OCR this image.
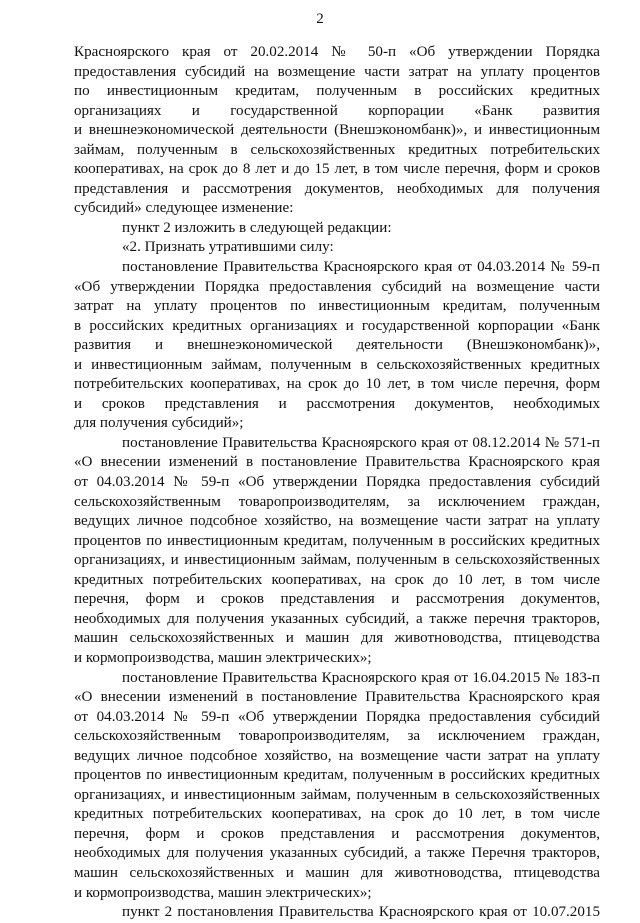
2
Красноярского края от 20.02.2014 № 50-п «Об утверждении Порядка
предоставления субсидий на возмещение части затрат на уплату процентов
по инвестиционным кредитам, полученным в российских кредитных
организациях и государственной корпорации «Банк развития
и внешнеэкономической деятельности (Внешэкономбанк)», и инвестиционным
займам, полученным в сельскохозяйственных кредитных потребительских
кооперативах, на срок до 8 лет и до 15 лет, в том числе перечня, форм и сроков
представления и рассмотрения документов, необходимых для получения
субсидий» следующее изменение:
пункт 2 изложить в следующей редакции:
«2. Признать утратившими силу:
постановление Правительства Красноярского края от 04.03.2014 № 59-п
«Об утверждении Порядка предоставления субсидий на возмещение части
затрат на уплату процентов по инвестиционным кредитам, полученным
в российских кредитных организациях и государственной корпорации «Банк
развития и внешнеэкономической деятельности (Внешэкономбанк)»,
и инвестиционным займам, полученным в сельскохозяйственных кредитных
потребительских кооперативах, на срок до 10 лет, в том числе перечня, форм
и сроков представления и рассмотрения документов, необходимых
для получения субсидий»;
постановление Правительства Красноярского края от 08.12.2014 № 571-п
«О внесении изменений в постановление Правительства Красноярского края
от 04.03.2014 № 59-п «Об утверждении Порядка предоставления субсидий
сельскохозяйственным товаропроизводителям, за исключением граждан,
ведущих личное подсобное хозяйство, на возмещение части затрат на уплату
процентов по инвестиционным кредитам, полученным в российских кредитных
организациях, и инвестиционным займам, полученным в сельскохозяйственных
кредитных потребительских кооперативах, на срок до 10 лет, в том числе
перечня, форм и сроков представления и рассмотрения документов,
необходимых для получения указанных субсидий, а также перечня тракторов,
машин сельскохозяйственных и машин для животноводства, птицеводства
и кормопроизводства, машин электрических»;
постановление Правительства Красноярского края от 16.04.2015 № 183-п
«О внесении изменений в постановление Правительства Красноярского края
от 04.03.2014 № 59-п «Об утверждении Порядка предоставления субсидий
сельскохозяйственным товаропроизводителям, за исключением граждан,
ведущих личное подсобное хозяйство, на возмещение части затрат на уплату
процентов по инвестиционным кредитам, полученным в российских кредитных
организациях, и инвестиционным займам, полученным в сельскохозяйственных
кредитных потребительских кооперативах, на срок до 10 лет, в том числе
перечня, форм и сроков представления и рассмотрения документов,
необходимых для получения указанных субсидий, а также Перечня тракторов,
машин сельскохозяйственных и машин для животноводства, птицеводства
и кормопроизводства, машин электрических»;
пункт 2 постановления Правительства Красноярского края от 10.07.2015
